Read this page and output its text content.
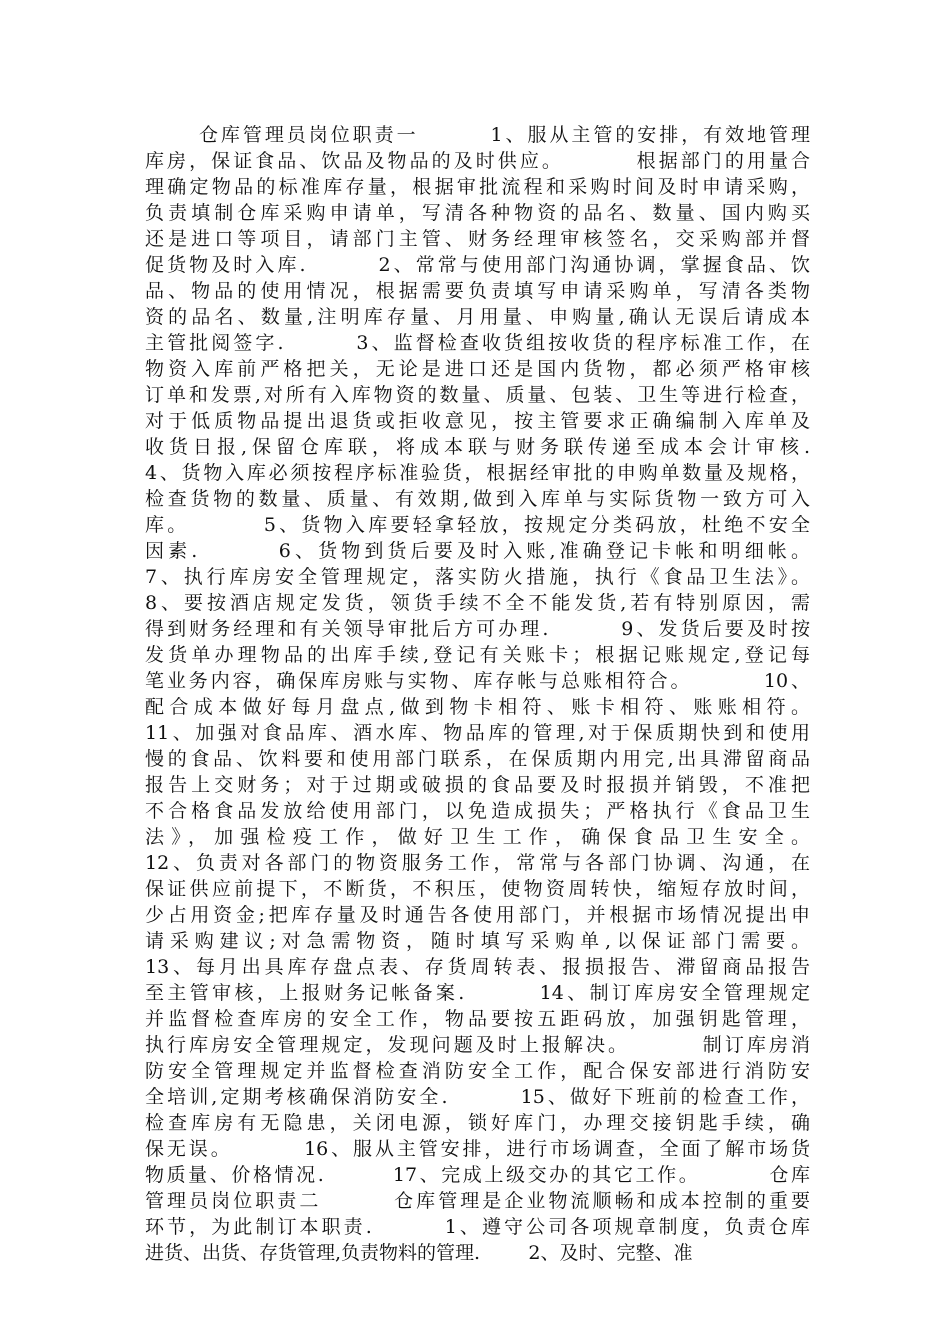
仓库管理员岗位职责一        1、服从主管的安排，有效地管理
库房，保证食品、饮品及物品的及时供应。        根据部门的用量合
理确定物品的标准库存量，根据审批流程和采购时间及时申请采购，
负责填制仓库采购申请单，写清各种物资的品名、数量、国内购买
还是进口等项目，请部门主管、财务经理审核签名，交采购部并督
促货物及时入库.        2、常常与使用部门沟通协调，掌握食品、饮
品、物品的使用情况，根据需要负责填写申请采购单，写清各类物
资的品名、数量,注明库存量、月用量、申购量,确认无误后请成本
主管批阅签字.        3、监督检查收货组按收货的程序标准工作，在
物资入库前严格把关，无论是进口还是国内货物，都必须严格审核
订单和发票,对所有入库物资的数量、质量、包装、卫生等进行检查，
对于低质物品提出退货或拒收意见，按主管要求正确编制入库单及
收货日报,保留仓库联，将成本联与财务联传递至成本会计审核.
4、货物入库必须按程序标准验货，根据经审批的申购单数量及规格，
检查货物的数量、质量、有效期,做到入库单与实际货物一致方可入
库。        5、货物入库要轻拿轻放，按规定分类码放，杜绝不安全
因素.        6、货物到货后要及时入账,准确登记卡帐和明细帐。
7、执行库房安全管理规定，落实防火措施，执行《食品卫生法》。
8、要按酒店规定发货，领货手续不全不能发货,若有特别原因，需
得到财务经理和有关领导审批后方可办理.        9、发货后要及时按
发货单办理物品的出库手续,登记有关账卡；根据记账规定,登记每
笔业务内容，确保库房账与实物、库存帐与总账相符合。        10、
配合成本做好每月盘点,做到物卡相符、账卡相符、账账相符。
11、加强对食品库、酒水库、物品库的管理,对于保质期快到和使用
慢的食品、饮料要和使用部门联系，在保质期内用完,出具滞留商品
报告上交财务；对于过期或破损的食品要及时报损并销毁，不准把
不合格食品发放给使用部门，以免造成损失；严格执行《食品卫生
法》，加强检疫工作，做好卫生工作，确保食品卫生安全。
12、负责对各部门的物资服务工作，常常与各部门协调、沟通，在
保证供应前提下，不断货，不积压，使物资周转快，缩短存放时间，
少占用资金;把库存量及时通告各使用部门，并根据市场情况提出申
请采购建议;对急需物资，随时填写采购单,以保证部门需要。
13、每月出具库存盘点表、存货周转表、报损报告、滞留商品报告
至主管审核，上报财务记帐备案.        14、制订库房安全管理规定
并监督检查库房的安全工作，物品要按五距码放，加强钥匙管理，
执行库房安全管理规定，发现问题及时上报解决。        制订库房消
防安全管理规定并监督检查消防安全工作，配合保安部进行消防安
全培训,定期考核确保消防安全.        15、做好下班前的检查工作，
检查库房有无隐患，关闭电源，锁好库门，办理交接钥匙手续，确
保无误。        16、服从主管安排，进行市场调查，全面了解市场货
物质量、价格情况.        17、完成上级交办的其它工作。        仓库
管理员岗位职责二        仓库管理是企业物流顺畅和成本控制的重要
环节，为此制订本职责.        1、遵守公司各项规章制度，负责仓库
进货、出货、存货管理,负责物料的管理.        2、及时、完整、准
